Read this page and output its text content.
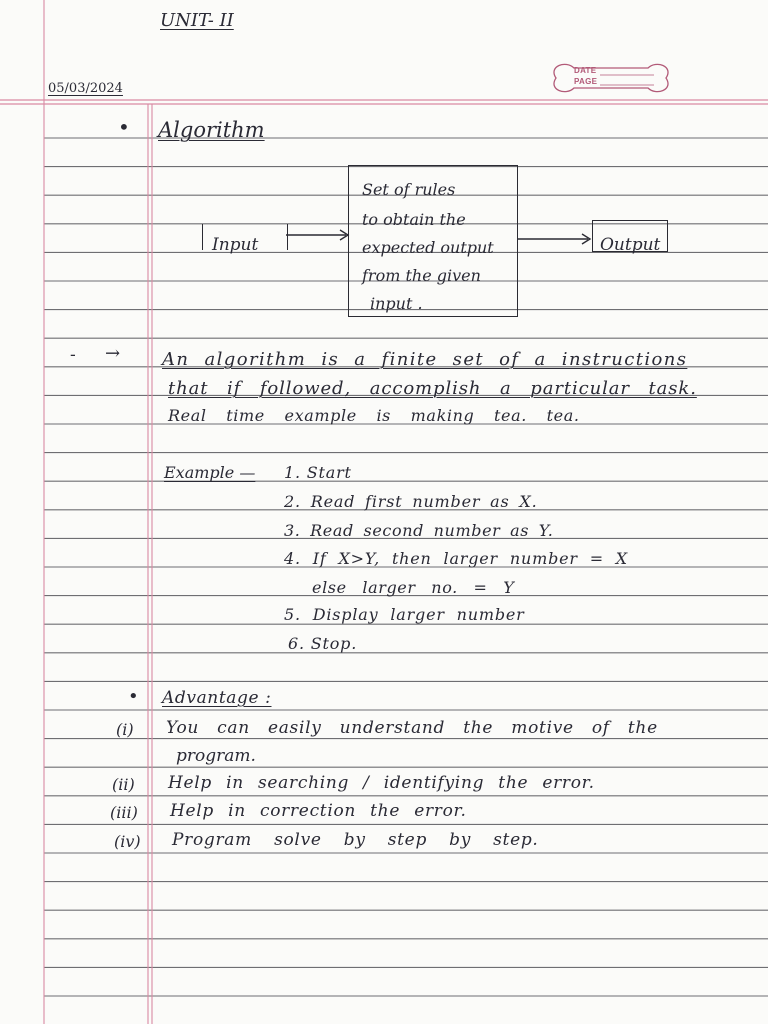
UNIT- II
05/03/2024
DATE
PAGE
• Algorithm
Input
Set of rules
to obtain the
expected output
from the given
input .
Output
- → An algorithm is a finite set of a instructions
that if followed, accomplish a particular task.
Real time example is making tea. tea.
Example — 1. Start
2. Read first number as X.
3. Read second number as Y.
4. If X>Y, then larger number = X
else larger no. = Y
5. Display larger number
6. Stop.
• Advantage :
(i) You can easily understand the motive of the
program.
(ii) Help in searching / identifying the error.
(iii) Help in correction the error.
(iv) Program solve by step by step.
